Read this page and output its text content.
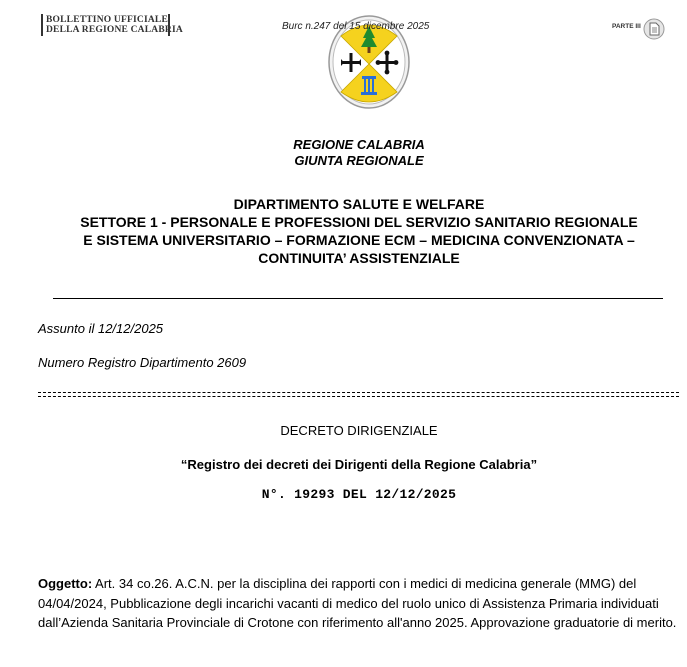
BOLLETTINO UFFICIALE
DELLA REGIONE CALABRIA	Burc n.247 del 15 dicembre 2025	PARTE III
REGIONE CALABRIA
GIUNTA REGIONALE
DIPARTIMENTO SALUTE E WELFARE
SETTORE 1 - PERSONALE E PROFESSIONI DEL SERVIZIO SANITARIO REGIONALE
E SISTEMA UNIVERSITARIO – FORMAZIONE ECM – MEDICINA CONVENZIONATA –
CONTINUITA’ ASSISTENZIALE
Assunto il 12/12/2025
Numero Registro Dipartimento 2609
DECRETO DIRIGENZIALE
“Registro dei decreti dei Dirigenti della Regione Calabria”
N°. 19293 DEL 12/12/2025
Oggetto: Art. 34 co.26. A.C.N. per la disciplina dei rapporti con i medici di medicina generale (MMG) del 04/04/2024, Pubblicazione degli incarichi vacanti di medico del ruolo unico di Assistenza Primaria individuati dall’Azienda Sanitaria Provinciale di Crotone con riferimento all'anno 2025. Approvazione graduatorie di merito.
